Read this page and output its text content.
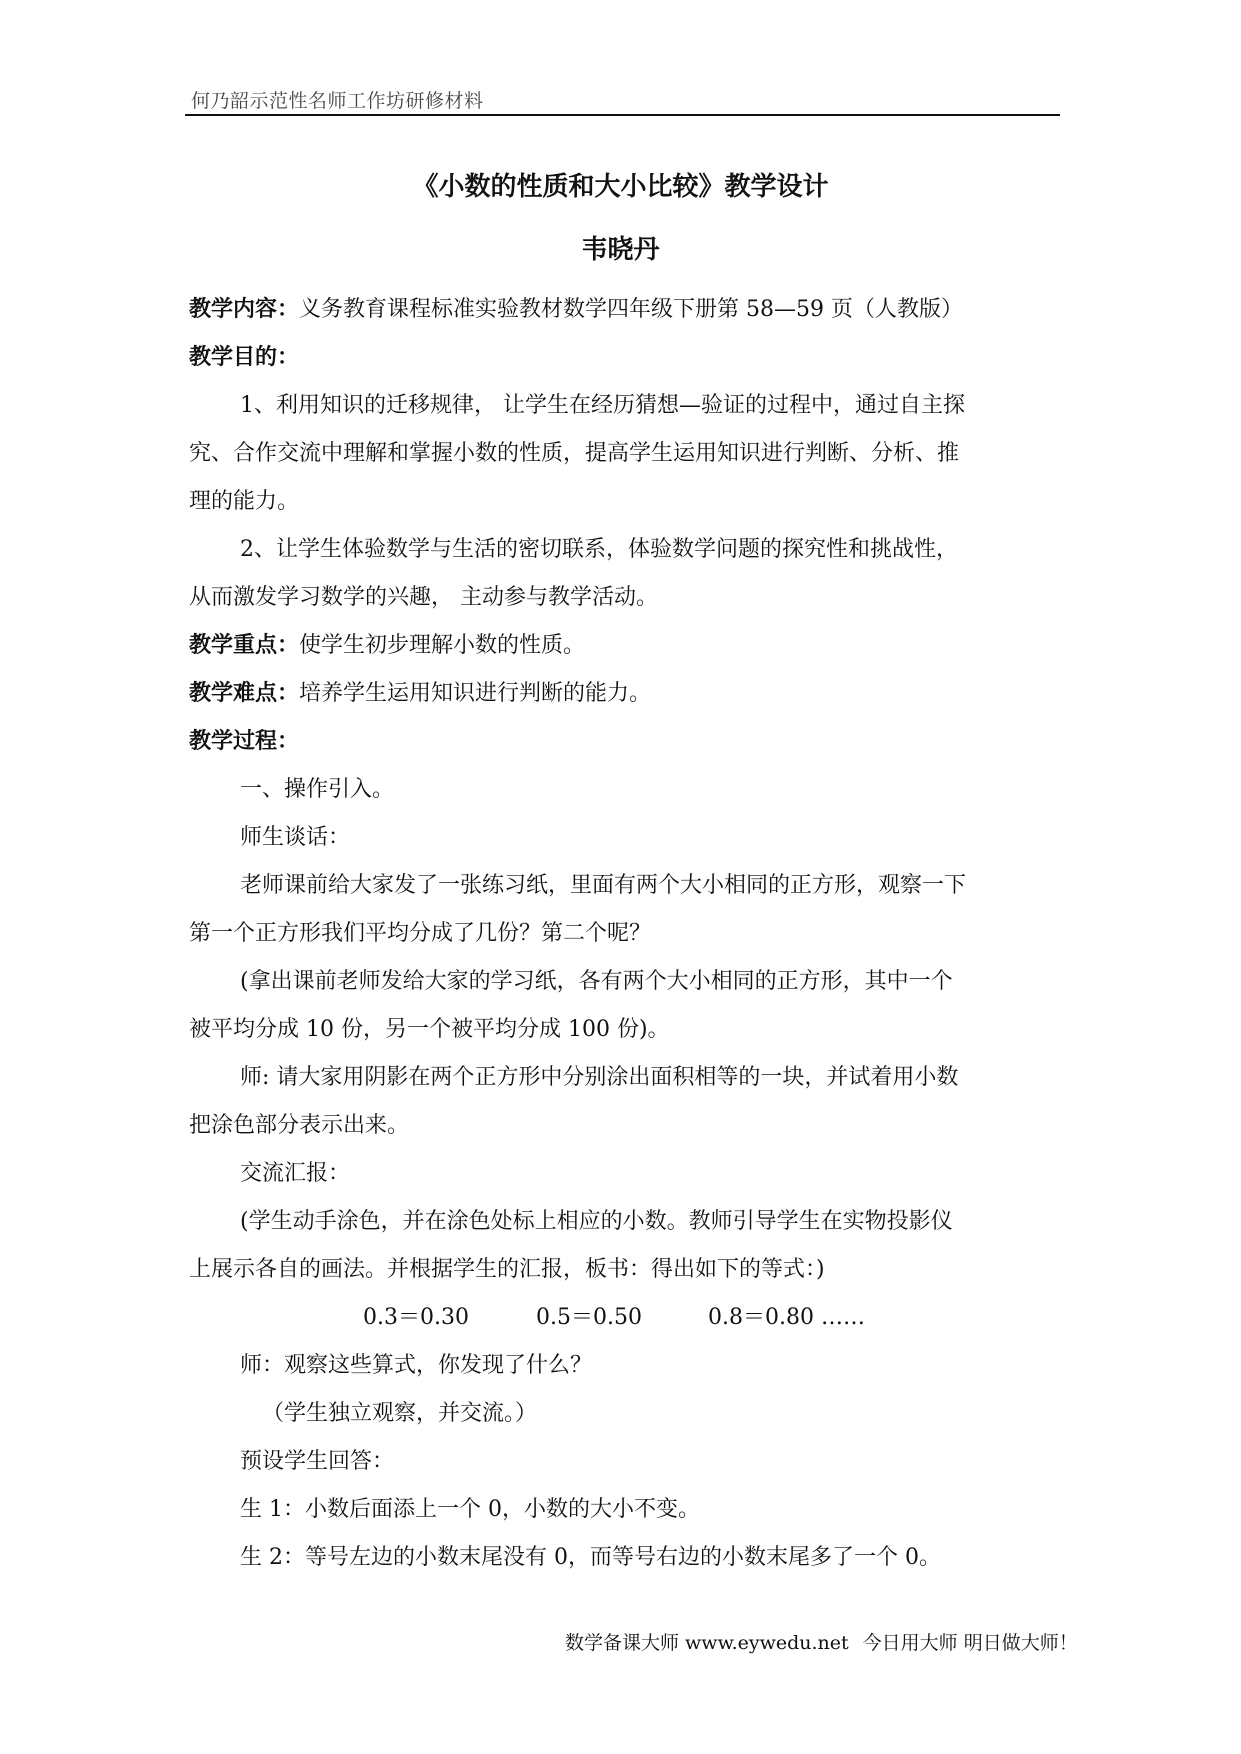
何乃韶示范性名师工作坊研修材料
《小数的性质和大小比较》教学设计
韦晓丹
教学内容：义务教育课程标准实验教材数学四年级下册第 58—59 页（人教版）
教学目的：
1、利用知识的迁移规律， 让学生在经历猜想—验证的过程中，通过自主探
究、合作交流中理解和掌握小数的性质，提高学生运用知识进行判断、分析、推
理的能力。
2、让学生体验数学与生活的密切联系，体验数学问题的探究性和挑战性，
从而激发学习数学的兴趣， 主动参与教学活动。
教学重点：使学生初步理解小数的性质。
教学难点：培养学生运用知识进行判断的能力。
教学过程：
一、操作引入。
师生谈话：
老师课前给大家发了一张练习纸，里面有两个大小相同的正方形，观察一下
第一个正方形我们平均分成了几份？第二个呢？
(拿出课前老师发给大家的学习纸，各有两个大小相同的正方形，其中一个
被平均分成 10 份，另一个被平均分成 100 份)。
师: 请大家用阴影在两个正方形中分别涂出面积相等的一块，并试着用小数
把涂色部分表示出来。
交流汇报：
(学生动手涂色，并在涂色处标上相应的小数。教师引导学生在实物投影仪
上展示各自的画法。并根据学生的汇报，板书：得出如下的等式：)
0.3＝0.30	0.5＝0.50	0.8＝0.80 ……
师：观察这些算式，你发现了什么？
（学生独立观察，并交流。）
预设学生回答：
生 1：小数后面添上一个 0，小数的大小不变。
生 2：等号左边的小数末尾没有 0，而等号右边的小数末尾多了一个 0。
数学备课大师 www.eywedu.net 今日用大师 明日做大师！
